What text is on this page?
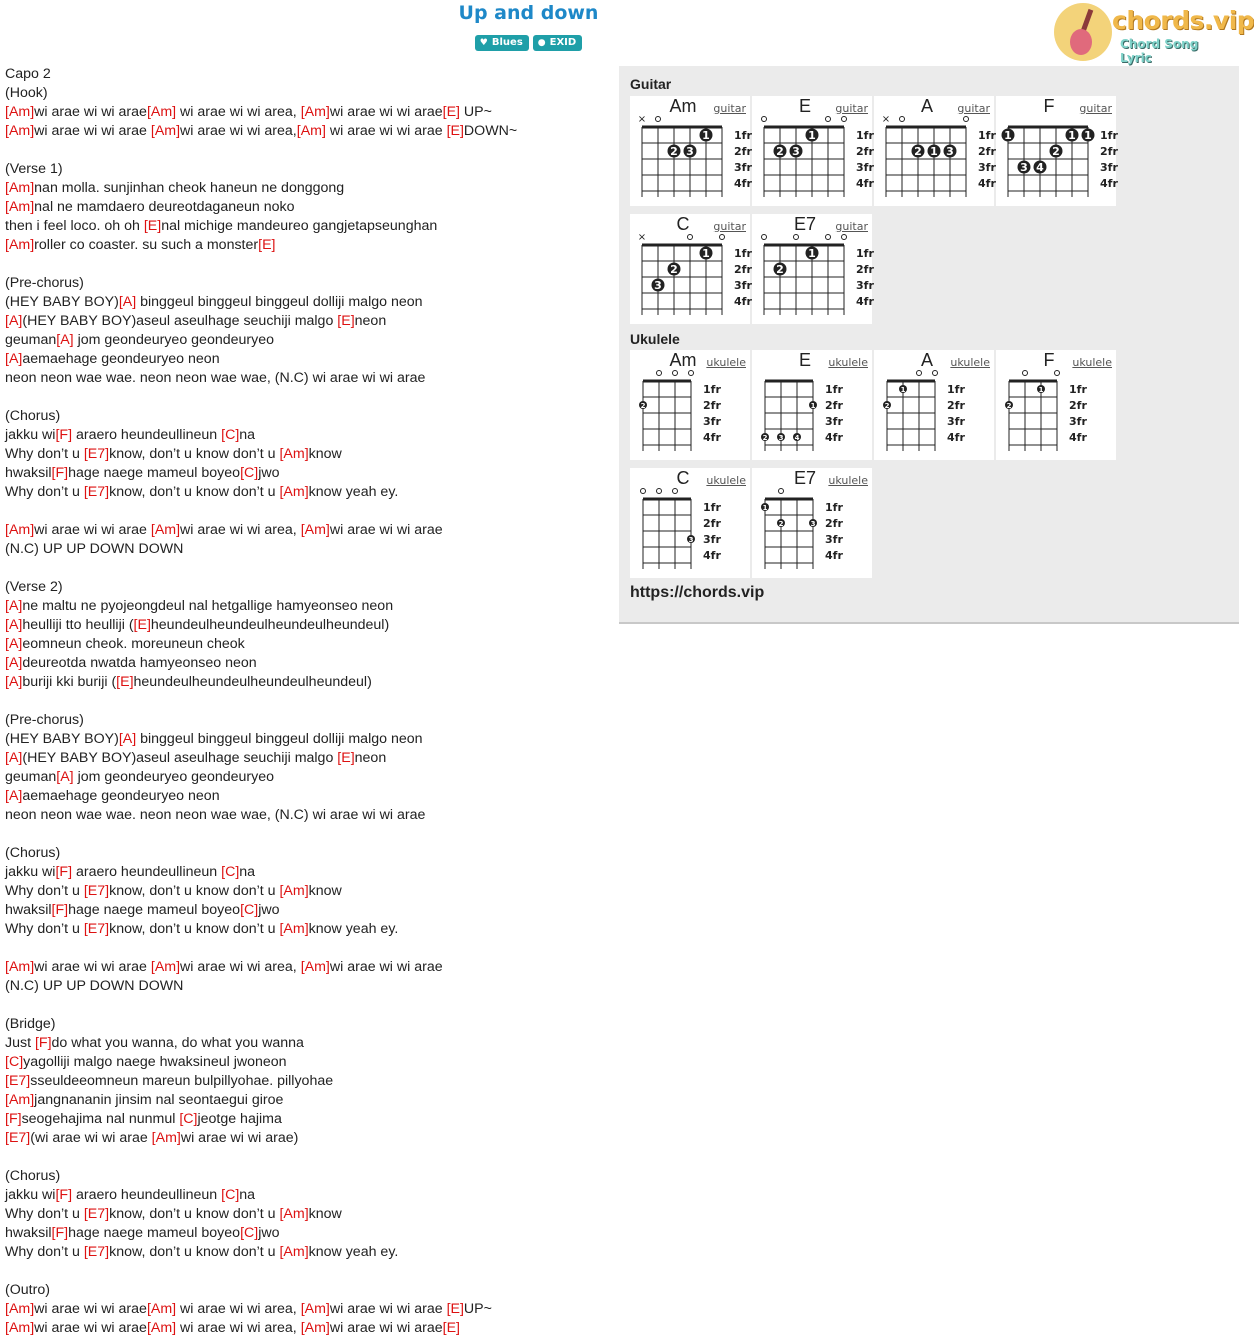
Up and down
♥ Blues ● EXID
chords.vip
Chord Song Lyric
Capo 2
(Hook)
[Am]wi arae wi wi arae[Am] wi arae wi wi area, [Am]wi arae wi wi arae[E] UP~
[Am]wi arae wi wi arae [Am]wi arae wi wi area,[Am] wi arae wi wi arae [E]DOWN~
(Verse 1)
[Am]nan molla. sunjinhan cheok haneun ne donggong
[Am]nal ne mamdaero deureotdaganeun noko
then i feel loco. oh oh [E]nal michige mandeureo gangjetapseunghan
[Am]roller co coaster. su such a monster[E]
(Pre-chorus)
(HEY BABY BOY)[A] binggeul binggeul binggeul dolliji malgo neon
[A](HEY BABY BOY)aseul aseulhage seuchiji malgo [E]neon
geuman[A] jom geondeuryeo geondeuryeo
[A]aemaehage geondeuryeo neon
neon neon wae wae. neon neon wae wae, (N.C) wi arae wi wi arae
(Chorus)
jakku wi[F] araero heundeullineun [C]na
Why don’t u [E7]know, don’t u know don’t u [Am]know
hwaksil[F]hage naege mameul boyeo[C]jwo
Why don’t u [E7]know, don’t u know don’t u [Am]know yeah ey.
[Am]wi arae wi wi arae [Am]wi arae wi wi area, [Am]wi arae wi wi arae
(N.C) UP UP DOWN DOWN
(Verse 2)
[A]ne maltu ne pyojeongdeul nal hetgallige hamyeonseo neon
[A]heulliji tto heulliji ([E]heundeulheundeulheundeulheundeul)
[A]eomneun cheok. moreuneun cheok
[A]deureotda nwatda hamyeonseo neon
[A]buriji kki buriji ([E]heundeulheundeulheundeulheundeul)
(Pre-chorus)
(HEY BABY BOY)[A] binggeul binggeul binggeul dolliji malgo neon
[A](HEY BABY BOY)aseul aseulhage seuchiji malgo [E]neon
geuman[A] jom geondeuryeo geondeuryeo
[A]aemaehage geondeuryeo neon
neon neon wae wae. neon neon wae wae, (N.C) wi arae wi wi arae
(Chorus)
jakku wi[F] araero heundeullineun [C]na
Why don’t u [E7]know, don’t u know don’t u [Am]know
hwaksil[F]hage naege mameul boyeo[C]jwo
Why don’t u [E7]know, don’t u know don’t u [Am]know yeah ey.
[Am]wi arae wi wi arae [Am]wi arae wi wi area, [Am]wi arae wi wi arae
(N.C) UP UP DOWN DOWN
(Bridge)
Just [F]do what you wanna, do what you wanna
[C]yagolliji malgo naege hwaksineul jwoneon
[E7]sseuldeeomneun mareun bulpillyohae. pillyohae
[Am]jangnananin jinsim nal seontaegui giroe
[F]seogehajima nal nunmul [C]jeotge hajima
[E7](wi arae wi wi arae [Am]wi arae wi wi arae)
(Chorus)
jakku wi[F] araero heundeullineun [C]na
Why don’t u [E7]know, don’t u know don’t u [Am]know
hwaksil[F]hage naege mameul boyeo[C]jwo
Why don’t u [E7]know, don’t u know don’t u [Am]know yeah ey.
(Outro)
[Am]wi arae wi wi arae[Am] wi arae wi wi area, [Am]wi arae wi wi arae [E]UP~
[Am]wi arae wi wi arae[Am] wi arae wi wi area, [Am]wi arae wi wi arae[E]
Guitar
×
1fr
2fr
3fr
4fr
1
2 3
Am	guitar
1fr
2fr
3fr
4fr
1
2 3
E	guitar
×
1fr
2fr
3fr
4fr
2 1 3
A	guitar
1fr
2fr
3fr
4fr
1	1 1
2
3 4
F	guitar
×
1fr
2fr
3fr
4fr
1
2
3
C	guitar
1fr
2fr
3fr
4fr
1
2
E7	guitar
Ukulele
1fr
2fr
3fr
4fr
2
Am ukulele
1fr
2fr
3fr
4fr
1
2 3 4
E	ukulele
1fr
2fr
3fr
4fr
1
2
A	ukulele
1fr
2fr
3fr
4fr
1
2
F	ukulele
1fr
2fr
3fr
4fr
3
C	ukulele
1fr
2fr
3fr
4fr
1
2	3
E7	ukulele
https://chords.vip
